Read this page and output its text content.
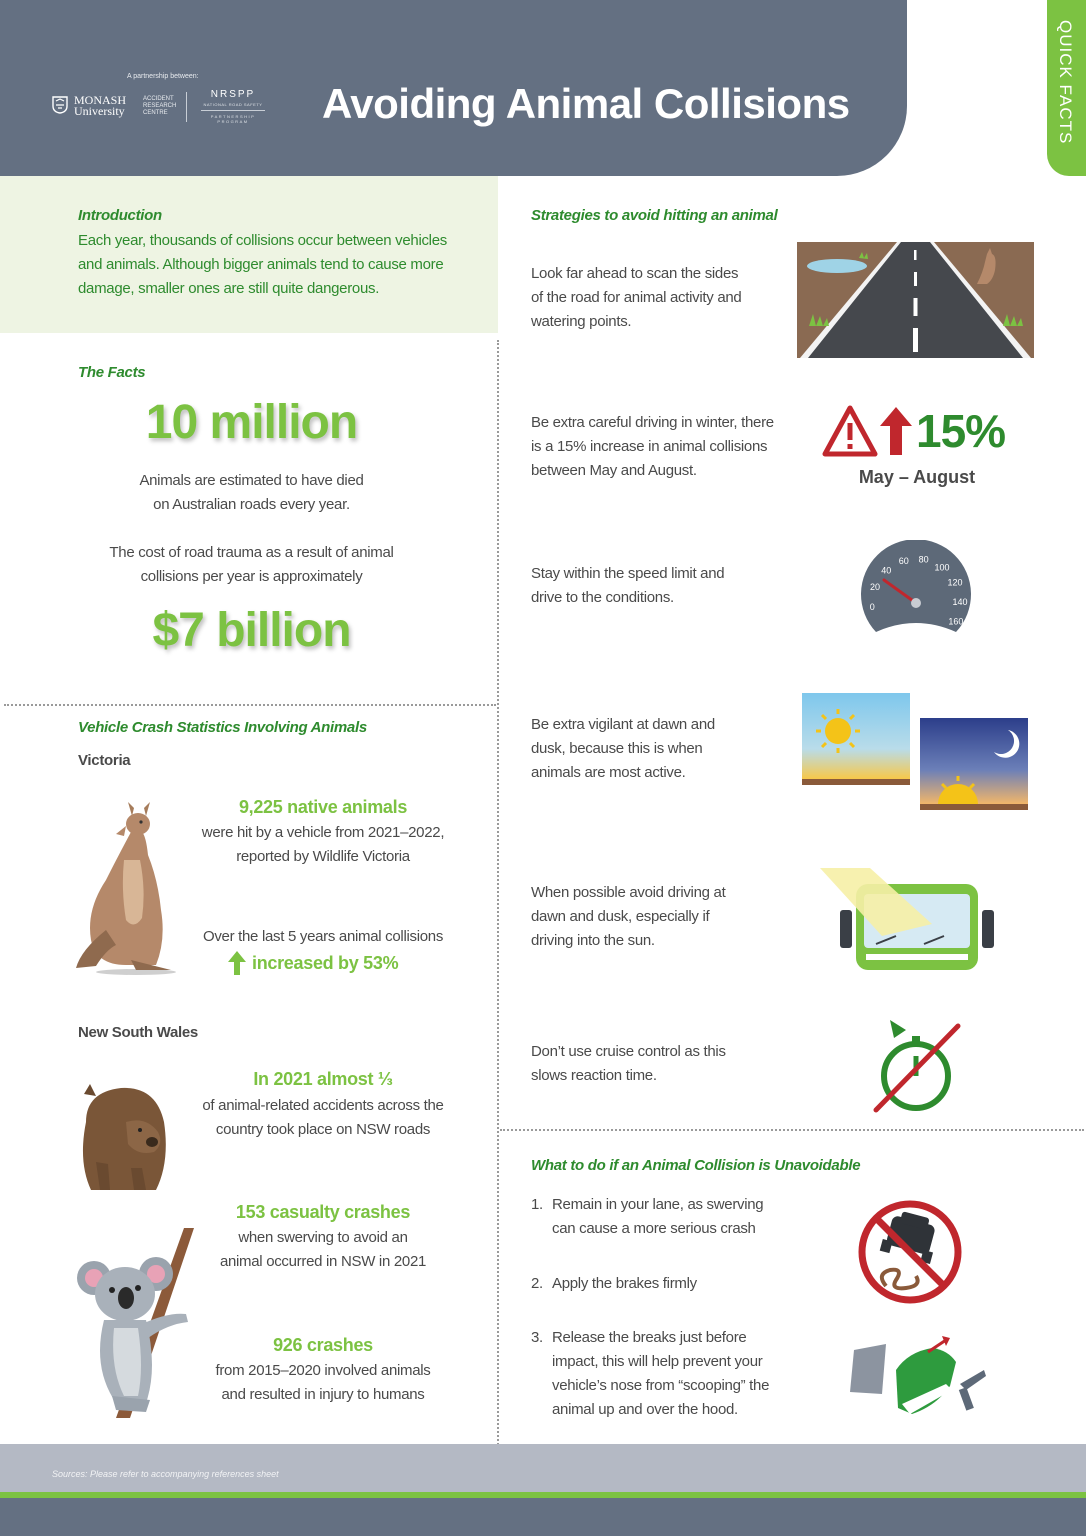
A partnership between:
MONASH
University
ACCIDENT
RESEARCH
CENTRE
NRSPP
NATIONAL ROAD SAFETY
PARTNERSHIP PROGRAM	Avoiding Animal Collisions	QUICK FACTS
Introduction
Each year, thousands of collisions occur between vehicles and animals. Although bigger animals tend to cause more damage, smaller ones are still quite dangerous.
The Facts
10 million
Animals are estimated to have died
on Australian roads every year.
The cost of road trauma as a result of animal
collisions per year is approximately
$7 billion
Vehicle Crash Statistics Involving Animals
Victoria
9,225 native animals
were hit by a vehicle from 2021–2022,
reported by Wildlife Victoria
Over the last 5 years animal collisions
increased by 53%
New South Wales
In 2021 almost ⅓
of animal-related accidents across the
country took place on NSW roads
153 casualty crashes
when swerving to avoid an
animal occurred in NSW in 2021
926 crashes
from 2015–2020 involved animals
and resulted in injury to humans
Strategies to avoid hitting an animal
Look far ahead to scan the sides of the road for animal activity and watering points.
Be extra careful driving in winter, there is a 15% increase in animal collisions between May and August.
15%
May – August
Stay within the speed limit and drive to the conditions.
0
20
40
60 80
100
120
140
160
Be extra vigilant at dawn and dusk, because this is when animals are most active.
When possible avoid driving at dawn and dusk, especially if driving into the sun.
Don’t use cruise control as this slows reaction time.
What to do if an Animal Collision is Unavoidable
1. Remain in your lane, as swerving can cause a more serious crash
2. Apply the brakes firmly
3. Release the breaks just before impact, this will help prevent your vehicle’s nose from “scooping” the animal up and over the hood.
Sources: Please refer to accompanying references sheet
